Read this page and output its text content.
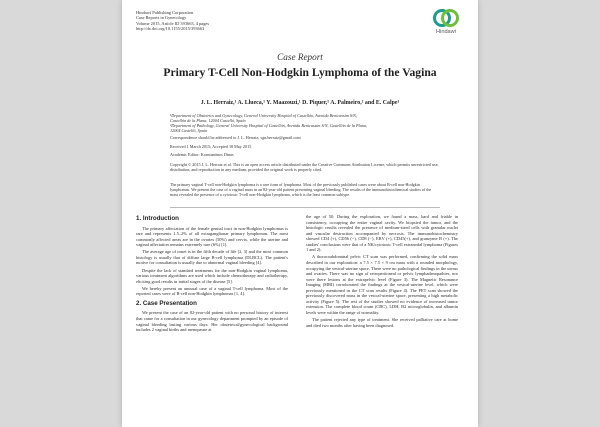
Hindawi Publishing Corporation
Case Reports in Gynecology
Volume 2015, Article ID 393663, 4 pages
http://dx.doi.org/10.1155/2015/393663
Hindawi
Case Report
Primary T-Cell Non-Hodgkin Lymphoma of the Vagina
J. L. Herraiz,¹ A. Llueca,¹ Y. Maazouzi,¹ D. Piquer,¹ A. Palmeiro,² and E. Calpe¹
¹Department of Obstetrics and Gynecology, General University Hospital of Castellón, Avenida Benicassim S/N,
Castellón de la Plana, 12004 Castelló, Spain
²Department of Pathology, General University Hospital of Castellón, Avenida Benicassim S/N, Castellón de la Plana,
12004 Castelló, Spain
Correspondence should be addressed to J. L. Herraiz; sgn.herraiz@gmail.com
Received 1 March 2015; Accepted 18 May 2015
Academic Editor: Konstantinos Dinas
Copyright © 2015 J. L. Herraiz et al. This is an open access article distributed under the Creative Commons Attribution License, which permits unrestricted use, distribution, and reproduction in any medium, provided the original work is properly cited.
The primary vaginal T-cell non-Hodgkin lymphoma is a rare form of lymphoma. Most of the previously published cases were about B-cell non-Hodgkin lymphomas. We present the case of a vaginal mass in an 82-year-old patient presenting vaginal bleeding. The results of the immunohistochemical studies of the mass revealed the presence of a cytotoxic T-cell non-Hodgkin lymphoma, which is the least common subtype.
1. Introduction

The primary affectation of the female genital tract in non-Hodgkin lymphomas is rare and represents 1.5–2% of all extraganglionar primary lymphomas. The most commonly affected areas are in the ovaries (50%) and cervix, while the uterine and vaginal affectation remains extremely rare (6%) [1].

The average age of onset is in the fifth decade of life [2, 3] and the most common histology is usually that of diffuse large B-cell lymphoma (DLBCL). The patient's motive for consultation is usually due to abnormal vaginal bleeding [4].

Despite the lack of standard treatments for the non-Hodgkin vaginal lymphoma, various treatment algorithms are used which include chemotherapy and radiotherapy, eliciting good results in initial stages of the disease [5].

We hereby present an unusual case of a vaginal T-cell lymphoma. Most of the reported cases were of B-cell non-Hodgkin lymphomas [1, 4].

2. Case Presentation

We present the case of an 82-year-old patient with no personal history of interest that came for a consultation in our gynecology department prompted by an episode of vaginal bleeding lasting various days. Her obstetrical/gynecological background includes 2 vaginal births and menopause at

the age of 50. During the exploration, we found a mass, hard and friable in consistency, occupying the entire vaginal cavity. We biopsied the tumor, and the histologic results revealed the presence of medium-sized cells with granular nuclei and vascular destruction accompanied by necrosis. The immunohistochemistry showed CD4 (+), CD56 (−), CD8 (−), EBV (+), CD45(+), and granzyme B (+). The studies' conclusions were that of a NK/cytotoxic T-cell extranodal lymphoma (Figures 1 and 2).

A thoracoabdominal pelvic CT scan was performed, confirming the solid mass described in our exploration: a 7.5 × 7.5 × 9 cm mass with a rounded morphology, occupying the vesical-uterine space. There were no pathological findings in the uterus and ovaries. There was no sign of retroperitoneal or pelvic lymphadenopathies, nor were there lesions at the extrapelvic level (Figure 3). The Magnetic Resonance Imaging (MRI) corroborated the findings at the vesical-uterine level, which were previously mentioned in the CT scan results (Figure 4). The PET scan showed the previously discovered mass in the vesical-uterine space, presenting a high metabolic activity (Figure 5). The rest of the studies showed no evidence of increased tumor extension. The complete blood count (CBC), LDH, B2 microglobulin, and albumin levels were within the range of normality.

The patient rejected any type of treatment. She received palliative care at home and died two months after having been diagnosed.
